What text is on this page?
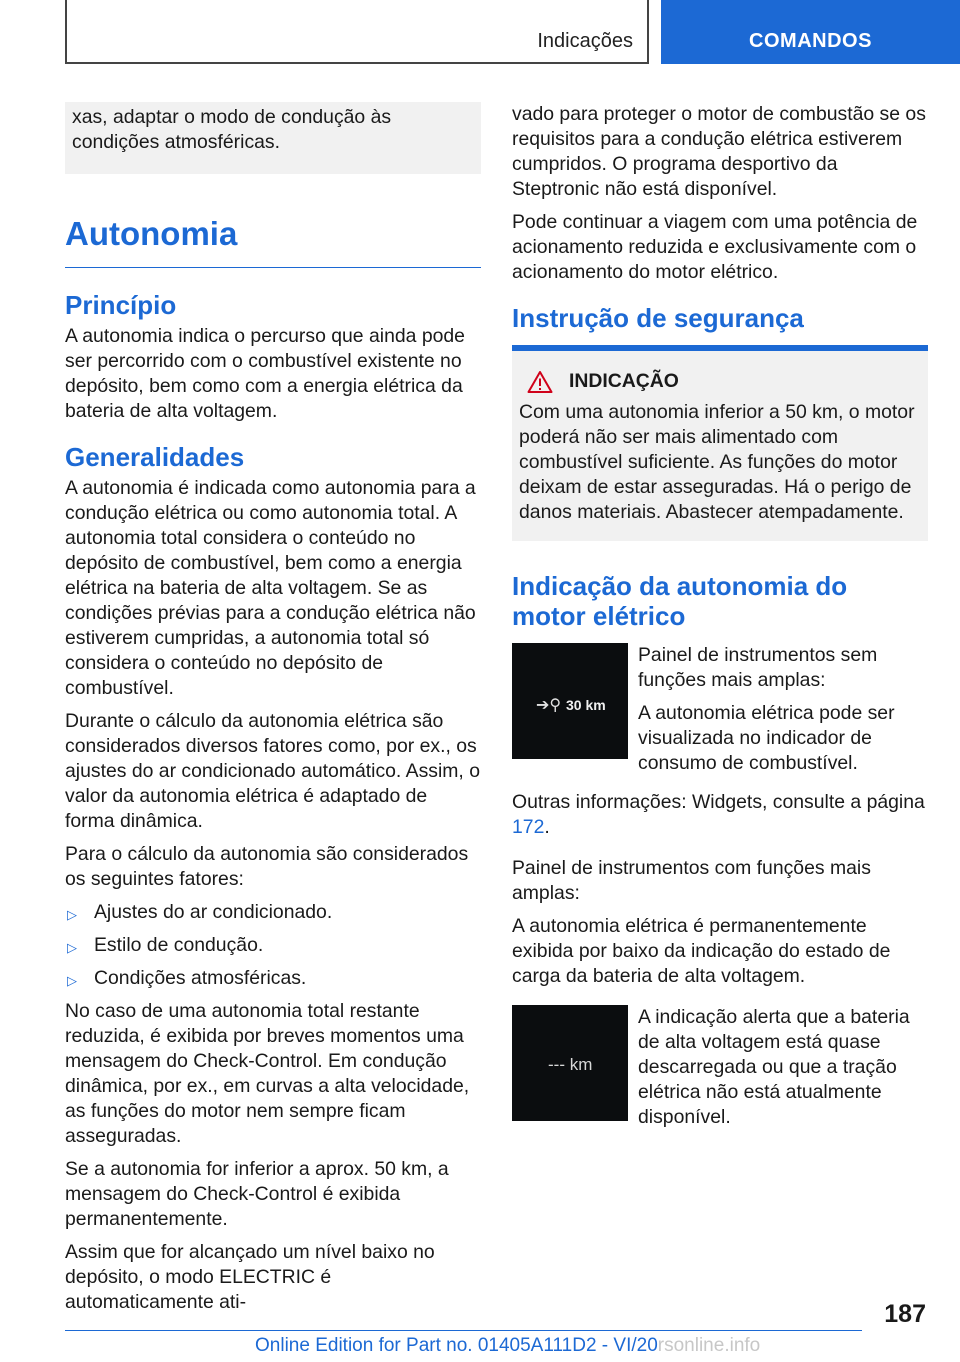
Indicações	COMANDOS

xas, adaptar o modo de condução às condições atmosféricas.

Autonomia
Princípio

A autonomia indica o percurso que ainda pode ser percorrido com o combustível existente no depósito, bem como com a energia elétrica da bateria de alta voltagem.

Generalidades

A autonomia é indicada como autonomia para a condução elétrica ou como autonomia total. A autonomia total considera o conteúdo no depósito de combustível, bem como a energia elétrica na bateria de alta voltagem. Se as condições prévias para a condução elétrica não estiverem cumpridas, a autonomia total só considera o conteúdo no depósito de combustível.

Durante o cálculo da autonomia elétrica são considerados diversos fatores como, por ex., os ajustes do ar condicionado automático. Assim, o valor da autonomia elétrica é adaptado de forma dinâmica.

Para o cálculo da autonomia são considerados os seguintes fatores:

▷ Ajustes do ar condicionado.
▷ Estilo de condução.
▷ Condições atmosféricas.

No caso de uma autonomia total restante reduzida, é exibida por breves momentos uma mensagem do Check-Control. Em condução dinâmica, por ex., em curvas a alta velocidade, as funções do motor nem sempre ficam asseguradas.

Se a autonomia for inferior a aprox. 50 km, a mensagem do Check-Control é exibida permanentemente.

Assim que for alcançado um nível baixo no depósito, o modo ELECTRIC é automaticamente ati-

vado para proteger o motor de combustão se os requisitos para a condução elétrica estiverem cumpridos. O programa desportivo da Steptronic não está disponível.

Pode continuar a viagem com uma potência de acionamento reduzida e exclusivamente com o acionamento do motor elétrico.

Instrução de segurança
INDICAÇÃO

Com uma autonomia inferior a 50 km, o motor poderá não ser mais alimentado com combustível suficiente. As funções do motor deixam de estar asseguradas. Há o perigo de danos materiais. Abastecer atempadamente.

Indicação da autonomia do motor elétrico
➔⚲ 30 km

Painel de instrumentos sem funções mais amplas:

A autonomia elétrica pode ser visualizada no indicador de consumo de combustível.

Outras informações: Widgets, consulte a página 172.

Painel de instrumentos com funções mais amplas:

A autonomia elétrica é permanentemente exibida por baixo da indicação do estado de carga da bateria de alta voltagem.

--- km

A indicação alerta que a bateria de alta voltagem está quase descarregada ou que a tração elétrica não está atualmente disponível.

187
Online Edition for Part no. 01405A111D2 - VI/20rsonline.info
